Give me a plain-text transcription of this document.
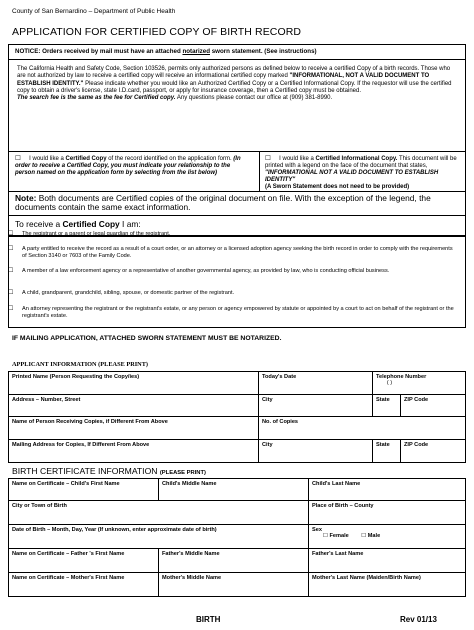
County of San Bernardino – Department of Public Health
APPLICATION FOR CERTIFIED COPY OF BIRTH RECORD
NOTICE: Orders received by mail must have an attached notarized sworn statement. (See instructions)
The California Health and Safety Code, Section 103526, permits only authorized persons as defined below to receive a certified Copy of a birth records. Those who are not authorized by law to receive a certified copy will receive an informational certified copy marked "INFORMATIONAL, NOT A VALID DOCUMENT TO ESTABLISH IDENTITY." Please indicate whether you would like an Authorized Certified Copy or a Certified Informational Copy. If the requestor will use the certified copy to obtain a driver's license, state I.D.card, passport, or apply for insurance coverage, then a Certified copy must be obtained.
The search fee is the same as the fee for Certified copy. Any questions please contact our office at (909) 381-8990.
☐ I would like a Certified Copy of the record identified on the application form. (In order to receive a Certified Copy, you must indicate your relationship to the person named on the application form by selecting from the list below)
☐ I would like a Certified Informational Copy. This document will be printed with a legend on the face of the document that states, "INFORMATIONAL NOT A VALID DOCUMENT TO ESTABLISH IDENTITY"
(A Sworn Statement does not need to be provided)
Note: Both documents are Certified copies of the original document on file. With the exception of the legend, the documents contain the same exact information.
To receive a Certified Copy I am:
☐ The registrant or a parent or legal guardian of the registrant.
☐ A party entitled to receive the record as a result of a court order, or an attorney or a licensed adoption agency seeking the birth record in order to comply with the requirements of Section 3140 or 7603 of the Family Code.
☐ A member of a law enforcement agency or a representative of another governmental agency, as provided by law, who is conducting official business.
☐ A child, grandparent, grandchild, sibling, spouse, or domestic partner of the registrant.
☐ An attorney representing the registrant or the registrant's estate, or any person or agency empowered by statute or appointed by a court to act on behalf of the registrant or the registrant's estate.
IF MAILING APPLICATION, ATTACHED SWORN STATEMENT MUST BE NOTARIZED.
APPLICANT INFORMATION (PLEASE PRINT)
Printed Name (Person Requesting the Copy/ies)	Today's Date	Telephone Number
( )	
Address – Number, Street	City	State	ZIP Code
Name of Person Receiving Copies, if Different From Above	No. of Copies		
Mailing Address for Copies, If Different From Above	City	State	ZIP Code
BIRTH CERTIFICATE INFORMATION (PLEASE PRINT)
Name on Certificate – Child's First Name	Child's Middle Name	Child's Last Name
City or Town of Birth		Place of Birth – County
Date of Birth – Month, Day, Year (If unknown, enter approximate date of birth)		Sex
☐ Female ☐ Male
Name on Certificate – Father 's First Name	Father's Middle Name	Father's Last Name
Name on Certificate – Mother's First Name	Mother's Middle Name	Mother's Last Name (Maiden/Birth Name)
BIRTH	Rev 01/13
